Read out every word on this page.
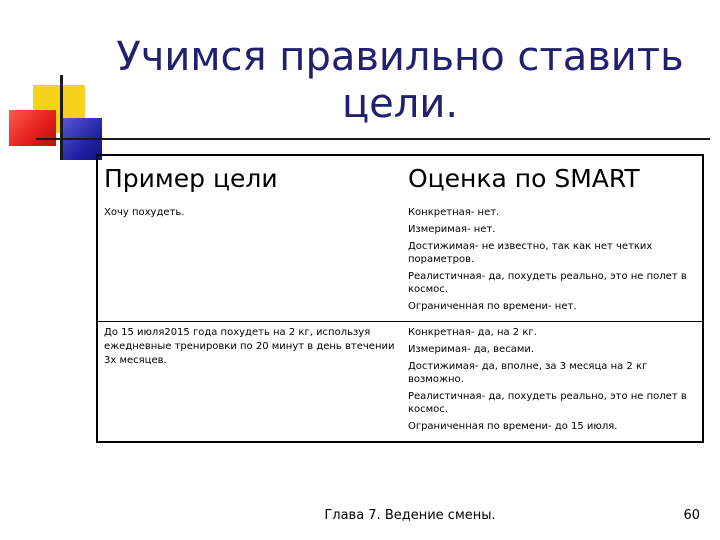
Учимся правильно ставить цели.
Пример цели	Оценка по SMART

Хочу похудеть.	Конкретная- нет.
Измеримая- нет.
Достижимая- не известно, так как нет четких пораметров.
Реалистичная- да, похудеть реально, это не полет в космос.
Ограниченная по времени- нет.

До 15 июля2015 года похудеть на 2 кг, используя ежедневные тренировки по 20 минут в день втечении 3х месяцев.	Конкретная- да, на 2 кг.
Измеримая- да, весами.
Достижимая- да, вполне, за 3 месяца на 2 кг возможно.
Реалистичная- да, похудеть реально, это не полет в космос.
Ограниченная по времени- до 15 июля.
Глава 7. Ведение смены.	60
